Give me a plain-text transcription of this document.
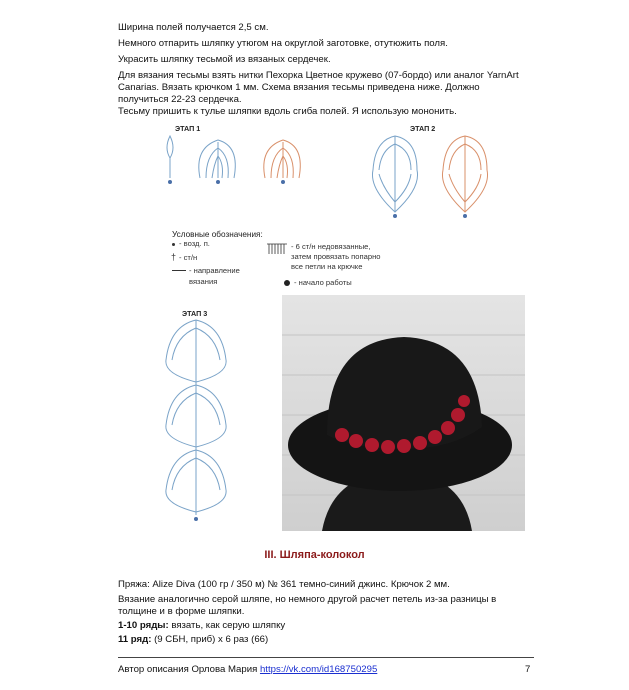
Ширина полей получается 2,5 см.

Немного отпарить шляпку утюгом на округлой заготовке, отутюжить поля.

Украсить шляпку тесьмой из вязаных сердечек.

Для вязания тесьмы взять нитки Пехорка Цветное кружево (07-бордо) или аналог YarnArt

Canarias. Вязать крючком 1 мм. Схема вязания тесьмы приведена ниже. Должно

получиться 22-23 сердечка.

Тесьму пришить к тулье шляпки вдоль сгиба полей. Я использую мононить.

ЭТАП 1	ЭТАП 2
ЭТАП 3
Условные обозначения:
- возд. п.
† - ст/н
- направление
вязания
- 6 ст/н недовязанные,
затем провязать попарно
все петли на крючке
- начало работы
III. Шляпа-колокол

Пряжа: Alize Diva (100 гр / 350 м) № 361 темно-синий джинс. Крючок 2 мм.

Вязание аналогично серой шляпе, но немного другой расчет петель из-за разницы в

толщине и в форме шляпки.

1-10 ряды: вязать, как серую шляпку

11 ряд: (9 СБН, приб) х 6 раз (66)

Автор описания Орлова Мария https://vk.com/id168750295	7
